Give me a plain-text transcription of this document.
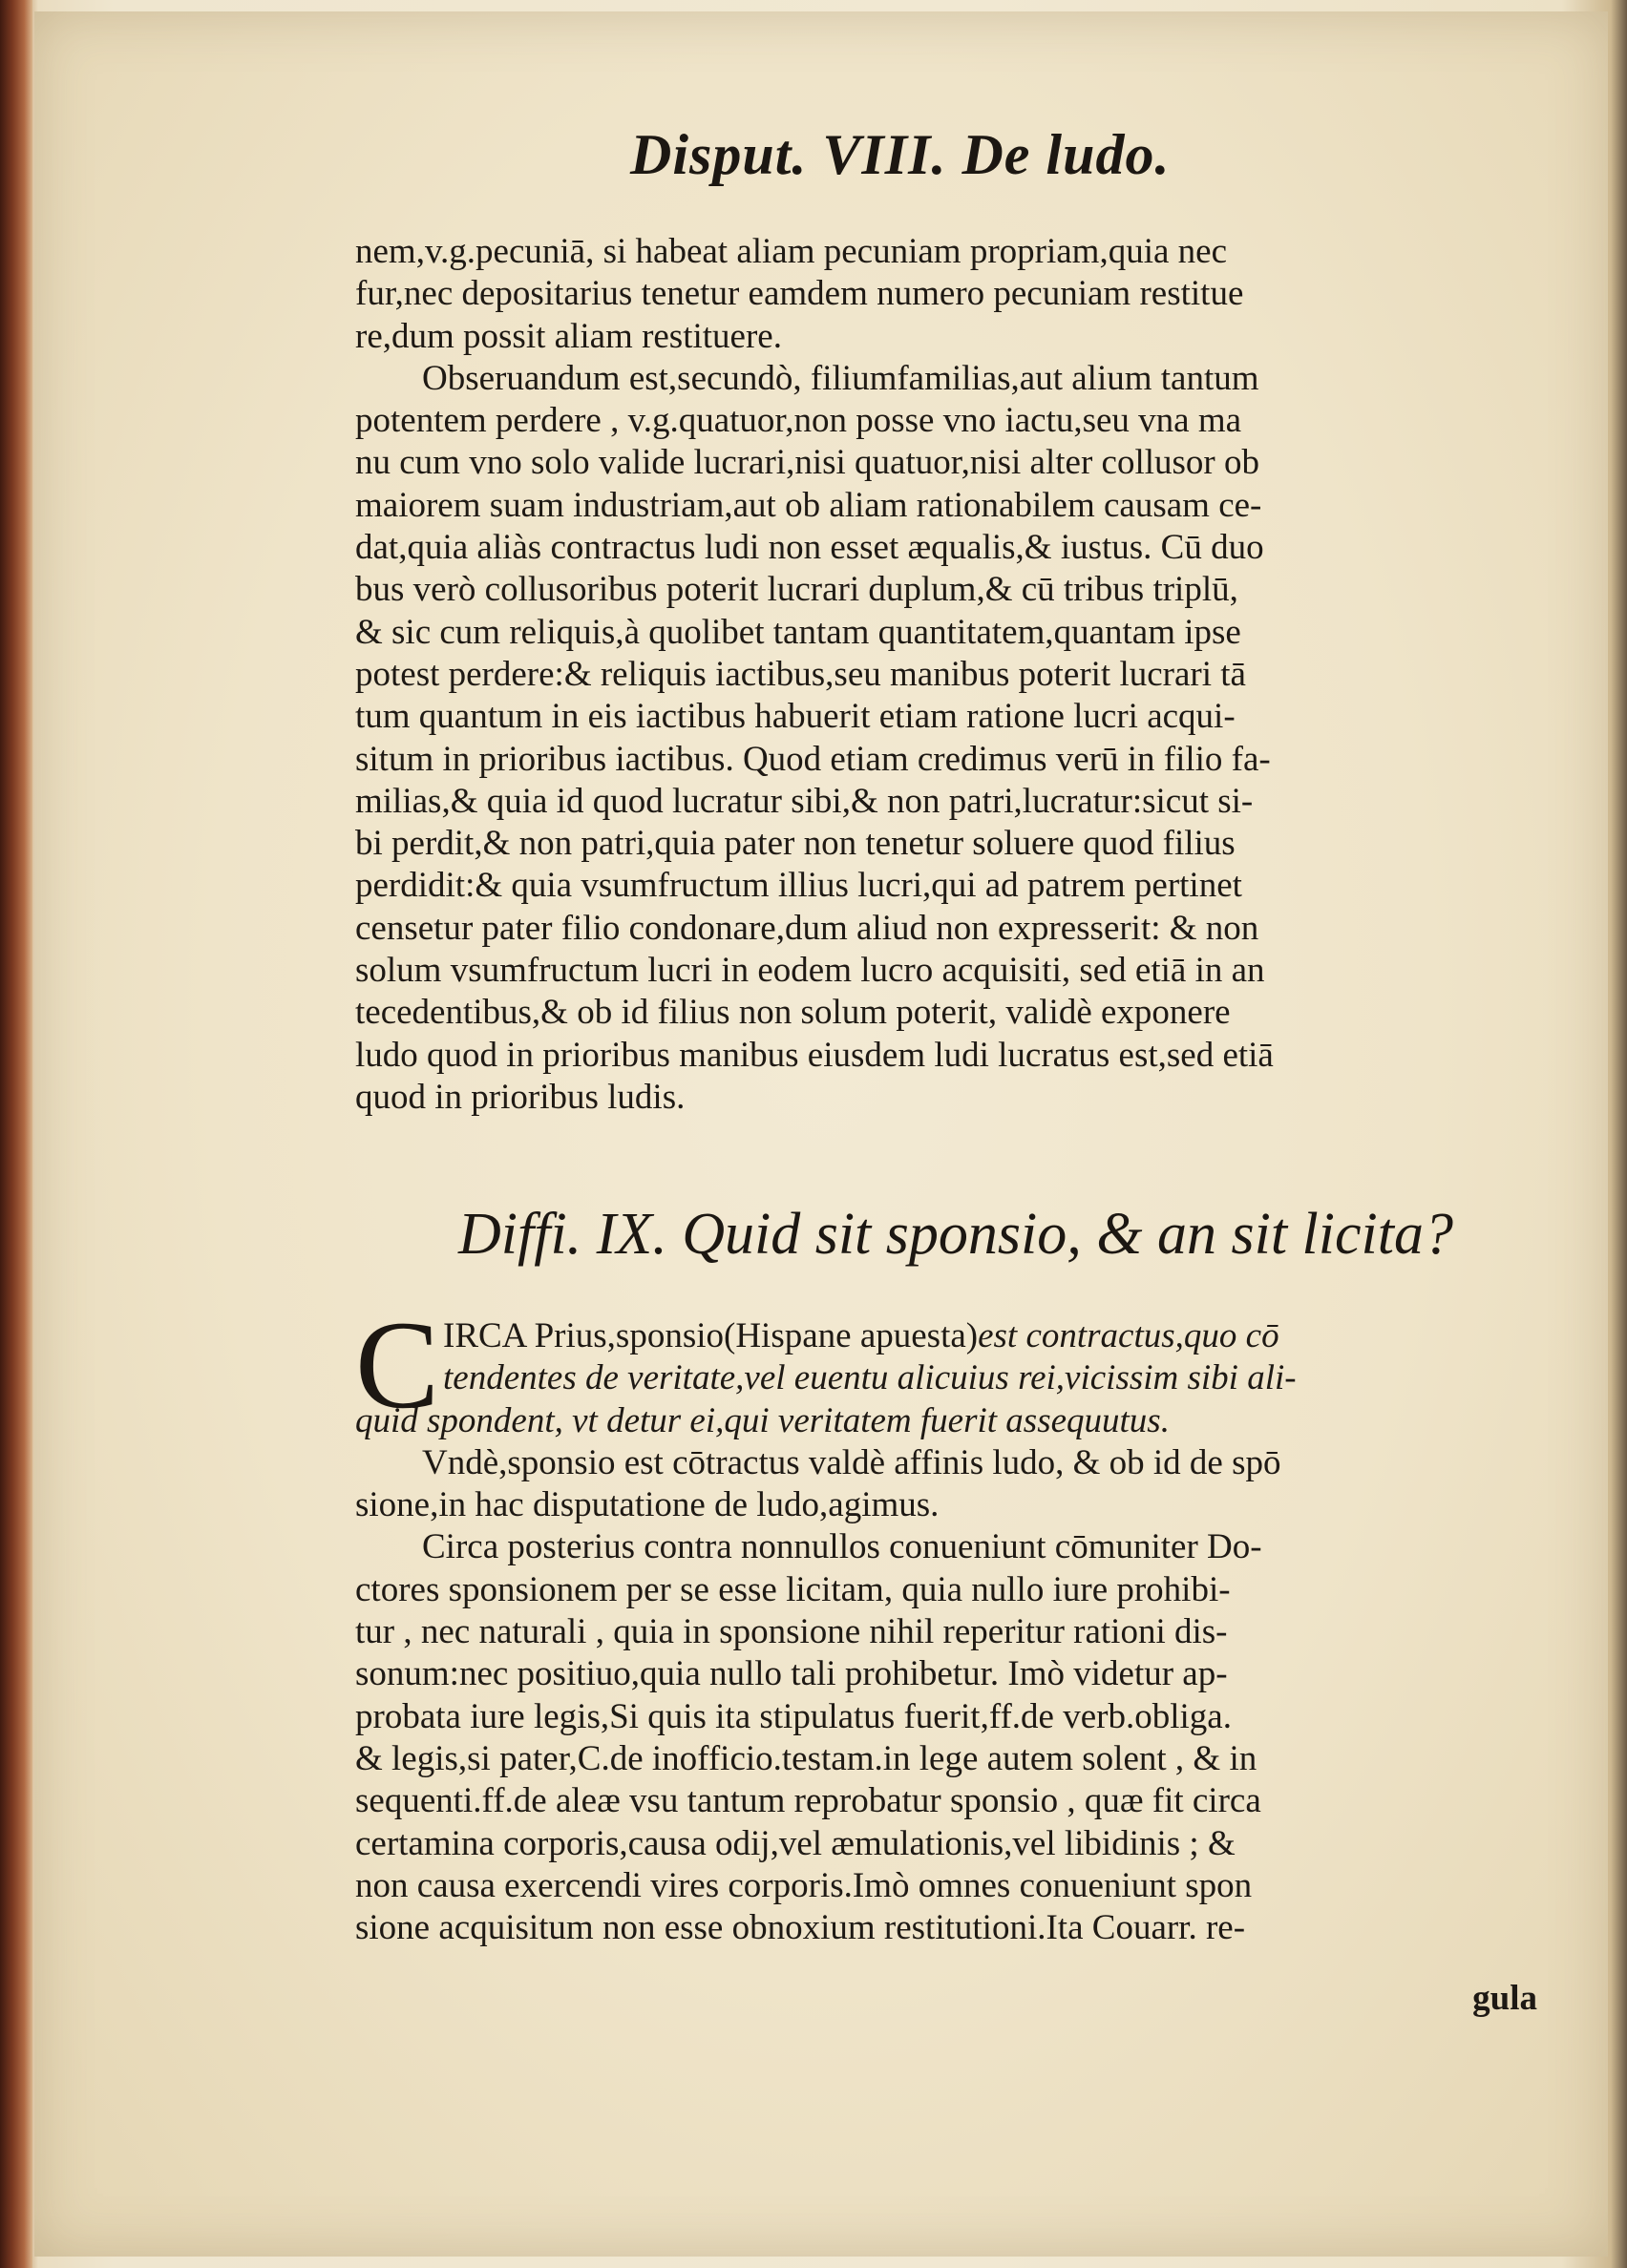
Disput. VIII. De ludo.
nem,v.g.pecuniā, si habeat aliam pecuniam propriam,quia nec
fur,nec depositarius tenetur eamdem numero pecuniam restitue
re,dum possit aliam restituere.
Obseruandum est,secundò, filiumfamilias,aut alium tantum
potentem perdere , v.g.quatuor,non posse vno iactu,seu vna ma
nu cum vno solo valide lucrari,nisi quatuor,nisi alter collusor ob
maiorem suam industriam,aut ob aliam rationabilem causam ce-
dat,quia aliàs contractus ludi non esset æqualis,& iustus. Cū duo
bus verò collusoribus poterit lucrari duplum,& cū tribus triplū,
& sic cum reliquis,à quolibet tantam quantitatem,quantam ipse
potest perdere:& reliquis iactibus,seu manibus poterit lucrari tā
tum quantum in eis iactibus habuerit etiam ratione lucri acqui-
situm in prioribus iactibus. Quod etiam credimus verū in filio fa-
milias,& quia id quod lucratur sibi,& non patri,lucratur:sicut si-
bi perdit,& non patri,quia pater non tenetur soluere quod filius
perdidit:& quia vsumfructum illius lucri,qui ad patrem pertinet
censetur pater filio condonare,dum aliud non expresserit: & non
solum vsumfructum lucri in eodem lucro acquisiti, sed etiā in an
tecedentibus,& ob id filius non solum poterit, validè exponere
ludo quod in prioribus manibus eiusdem ludi lucratus est,sed etiā
quod in prioribus ludis.
Diffi. IX. Quid sit sponsio, & an sit licita?
C IRCA Prius,sponsio(Hispane apuesta)est contractus,quo cō
tendentes de veritate,vel euentu alicuius rei,vicissim sibi ali-
quid spondent, vt detur ei,qui veritatem fuerit assequutus.
Vndè,sponsio est cōtractus valdè affinis ludo, & ob id de spō
sione,in hac disputatione de ludo,agimus.
Circa posterius contra nonnullos conueniunt cōmuniter Do-
ctores sponsionem per se esse licitam, quia nullo iure prohibi-
tur , nec naturali , quia in sponsione nihil reperitur rationi dis-
sonum:nec positiuo,quia nullo tali prohibetur. Imò videtur ap-
probata iure legis,Si quis ita stipulatus fuerit,ff.de verb.obliga.
& legis,si pater,C.de inofficio.testam.in lege autem solent , & in
sequenti.ff.de aleæ vsu tantum reprobatur sponsio , quæ fit circa
certamina corporis,causa odij,vel æmulationis,vel libidinis ; &
non causa exercendi vires corporis.Imò omnes conueniunt spon
sione acquisitum non esse obnoxium restitutioni.Ita Couarr. re-
gula
